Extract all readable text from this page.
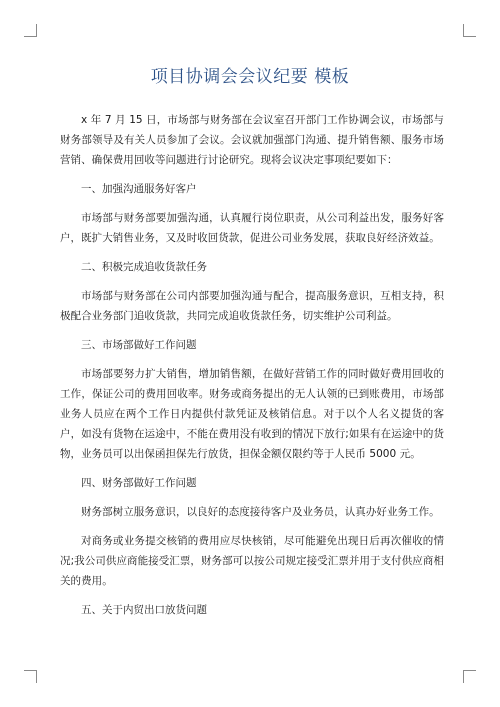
项目协调会会议纪要 模板

x 年 7 月 15 日，市场部与财务部在会议室召开部门工作协调会议，市场部与财务部领导及有关人员参加了会议。会议就加强部门沟通、提升销售额、服务市场营销、确保费用回收等问题进行讨论研究。现将会议决定事项纪要如下：

一、加强沟通服务好客户

市场部与财务部要加强沟通，认真履行岗位职责，从公司利益出发，服务好客户，既扩大销售业务，又及时收回货款，促进公司业务发展，获取良好经济效益。

二、积极完成追收货款任务

市场部与财务部在公司内部要加强沟通与配合，提高服务意识，互相支持，积极配合业务部门追收货款，共同完成追收货款任务，切实维护公司利益。

三、市场部做好工作问题

市场部要努力扩大销售，增加销售额，在做好营销工作的同时做好费用回收的工作，保证公司的费用回收率。财务或商务提出的无人认领的已到账费用，市场部业务人员应在两个工作日内提供付款凭证及核销信息。对于以个人名义提货的客户，如没有货物在运途中，不能在费用没有收到的情况下放行;如果有在运途中的货物，业务员可以出保函担保先行放货，担保金额仅限约等于人民币 5000 元。

四、财务部做好工作问题

财务部树立服务意识，以良好的态度接待客户及业务员，认真办好业务工作。

对商务或业务提交核销的费用应尽快核销，尽可能避免出现日后再次催收的情况;我公司供应商能接受汇票，财务部可以按公司规定接受汇票并用于支付供应商相关的费用。

五、关于内贸出口放货问题
